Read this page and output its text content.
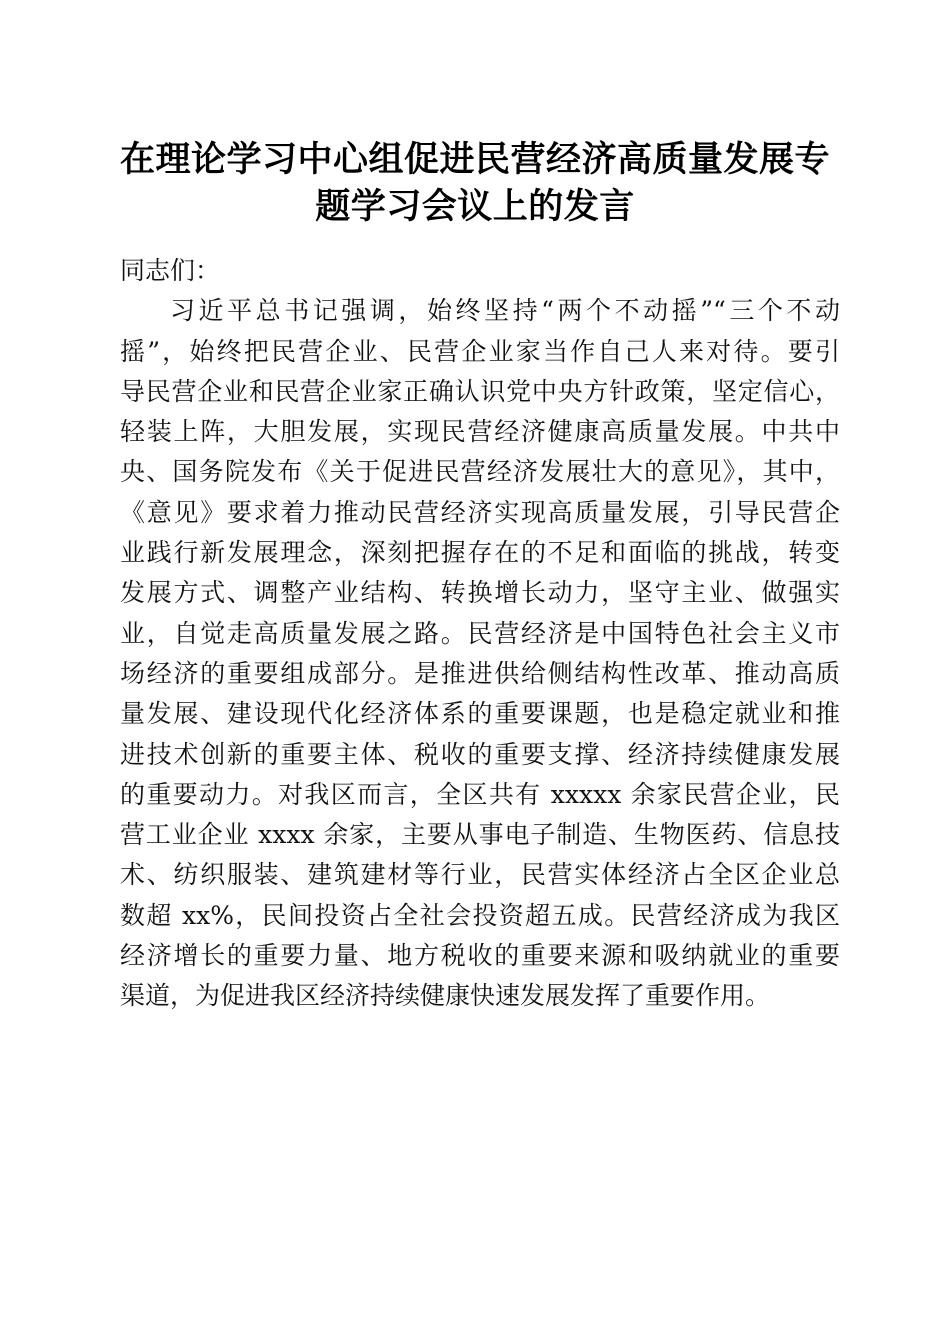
在理论学习中心组促进民营经济高质量发展专
题学习会议上的发言
同志们：
习近平总书记强调，始终坚持“两个不动摇”“三个不动
摇”，始终把民营企业、民营企业家当作自己人来对待。要引
导民营企业和民营企业家正确认识党中央方针政策，坚定信心，
轻装上阵，大胆发展，实现民营经济健康高质量发展。中共中
央、国务院发布《关于促进民营经济发展壮大的意见》，其中，
《意见》要求着力推动民营经济实现高质量发展，引导民营企
业践行新发展理念，深刻把握存在的不足和面临的挑战，转变
发展方式、调整产业结构、转换增长动力，坚守主业、做强实
业，自觉走高质量发展之路。民营经济是中国特色社会主义市
场经济的重要组成部分。是推进供给侧结构性改革、推动高质
量发展、建设现代化经济体系的重要课题，也是稳定就业和推
进技术创新的重要主体、税收的重要支撑、经济持续健康发展
的重要动力。对我区而言，全区共有 xxxxx 余家民营企业，民
营工业企业 xxxx 余家，主要从事电子制造、生物医药、信息技
术、纺织服装、建筑建材等行业，民营实体经济占全区企业总
数超 xx%，民间投资占全社会投资超五成。民营经济成为我区
经济增长的重要力量、地方税收的重要来源和吸纳就业的重要
渠道，为促进我区经济持续健康快速发展发挥了重要作用。
